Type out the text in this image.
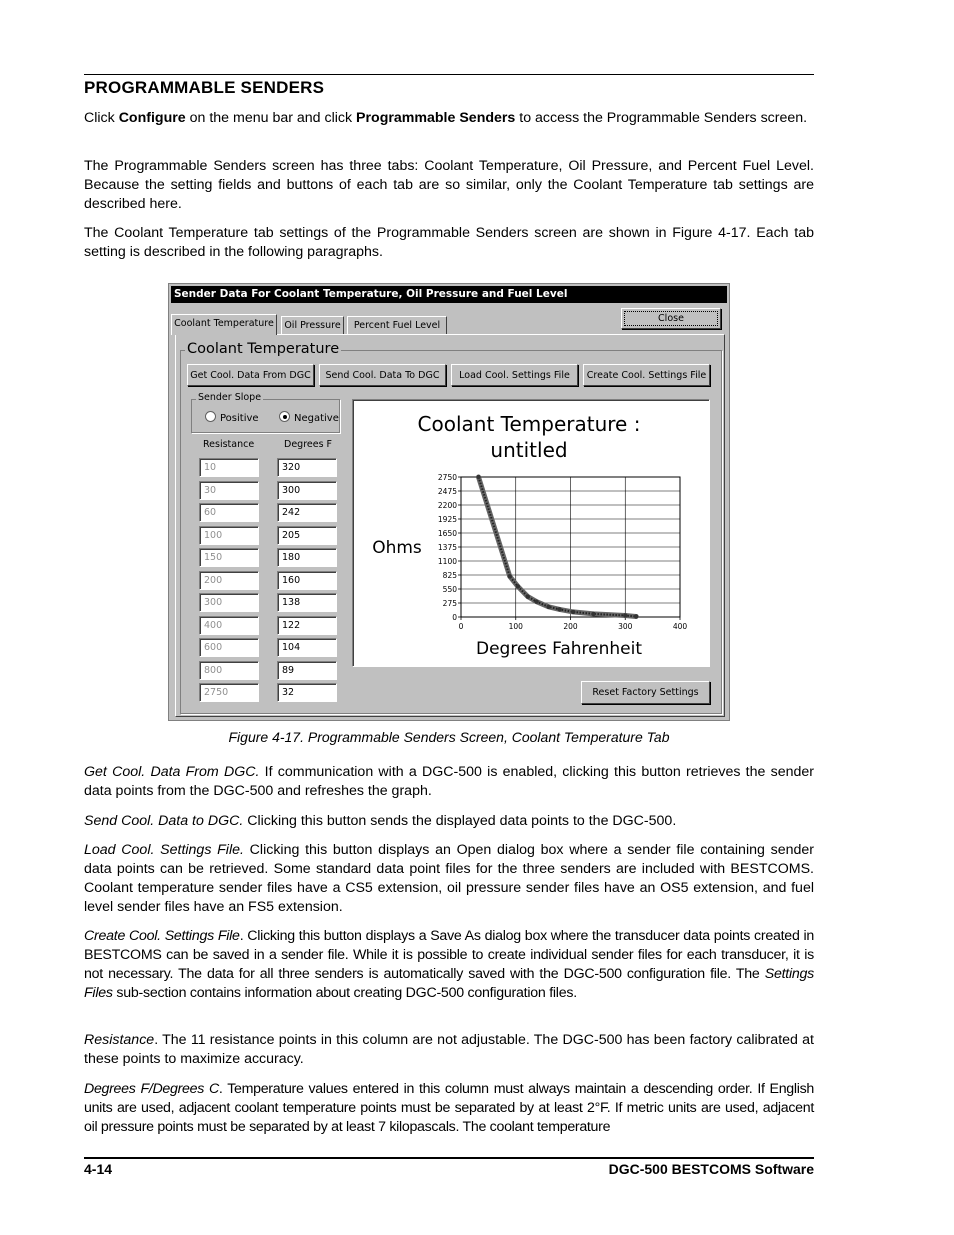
PROGRAMMABLE SENDERS

Click Configure on the menu bar and click Programmable Senders to access the Programmable Senders screen.

The Programmable Senders screen has three tabs: Coolant Temperature, Oil Pressure, and Percent Fuel Level. Because the setting fields and buttons of each tab are so similar, only the Coolant Temperature tab settings are described here.

The Coolant Temperature tab settings of the Programmable Senders screen are shown in Figure 4-17. Each tab setting is described in the following paragraphs.

Sender Data For Coolant Temperature, Oil Pressure and Fuel Level
Coolant Temperature	Oil Pressure	Percent Fuel Level
Close
Coolant Temperature
Get Cool. Data From DGC	Send Cool. Data To DGC	Load Cool. Settings File	Create Cool. Settings File
Sender Slope
Positive	Negative
Resistance	Degrees F
10	320
30	300
60	242
100	205
150	180
200	160
300	138
400	122
600	104
800	89
2750	32	Reset Factory Settings
Coolant Temperature :
untitled
Ohms
Degrees Fahrenheit
0
275
550
825
1100
1375
1650
1925
2200
2475
2750
0	100	200	300	400
Figure 4-17. Programmable Senders Screen, Coolant Temperature Tab

Get Cool. Data From DGC. If communication with a DGC-500 is enabled, clicking this button retrieves the sender data points from the DGC-500 and refreshes the graph.

Send Cool. Data to DGC. Clicking this button sends the displayed data points to the DGC-500.

Load Cool. Settings File. Clicking this button displays an Open dialog box where a sender file containing sender data points can be retrieved. Some standard data point files for the three senders are included with BESTCOMS. Coolant temperature sender files have a CS5 extension, oil pressure sender files have an OS5 extension, and fuel level sender files have an FS5 extension.

Create Cool. Settings File. Clicking this button displays a Save As dialog box where the transducer data points created in BESTCOMS can be saved in a sender file. While it is possible to create individual sender files for each transducer, it is not necessary. The data for all three senders is automatically saved with the DGC-500 configuration file. The Settings Files sub-section contains information about creating DGC-500 configuration files.

Resistance. The 11 resistance points in this column are not adjustable. The DGC-500 has been factory calibrated at these points to maximize accuracy.

Degrees F/Degrees C. Temperature values entered in this column must always maintain a descending order. If English units are used, adjacent coolant temperature points must be separated by at least 2°F. If metric units are used, adjacent oil pressure points must be separated by at least 7 kilopascals. The coolant temperature

4-14	DGC-500 BESTCOMS Software
